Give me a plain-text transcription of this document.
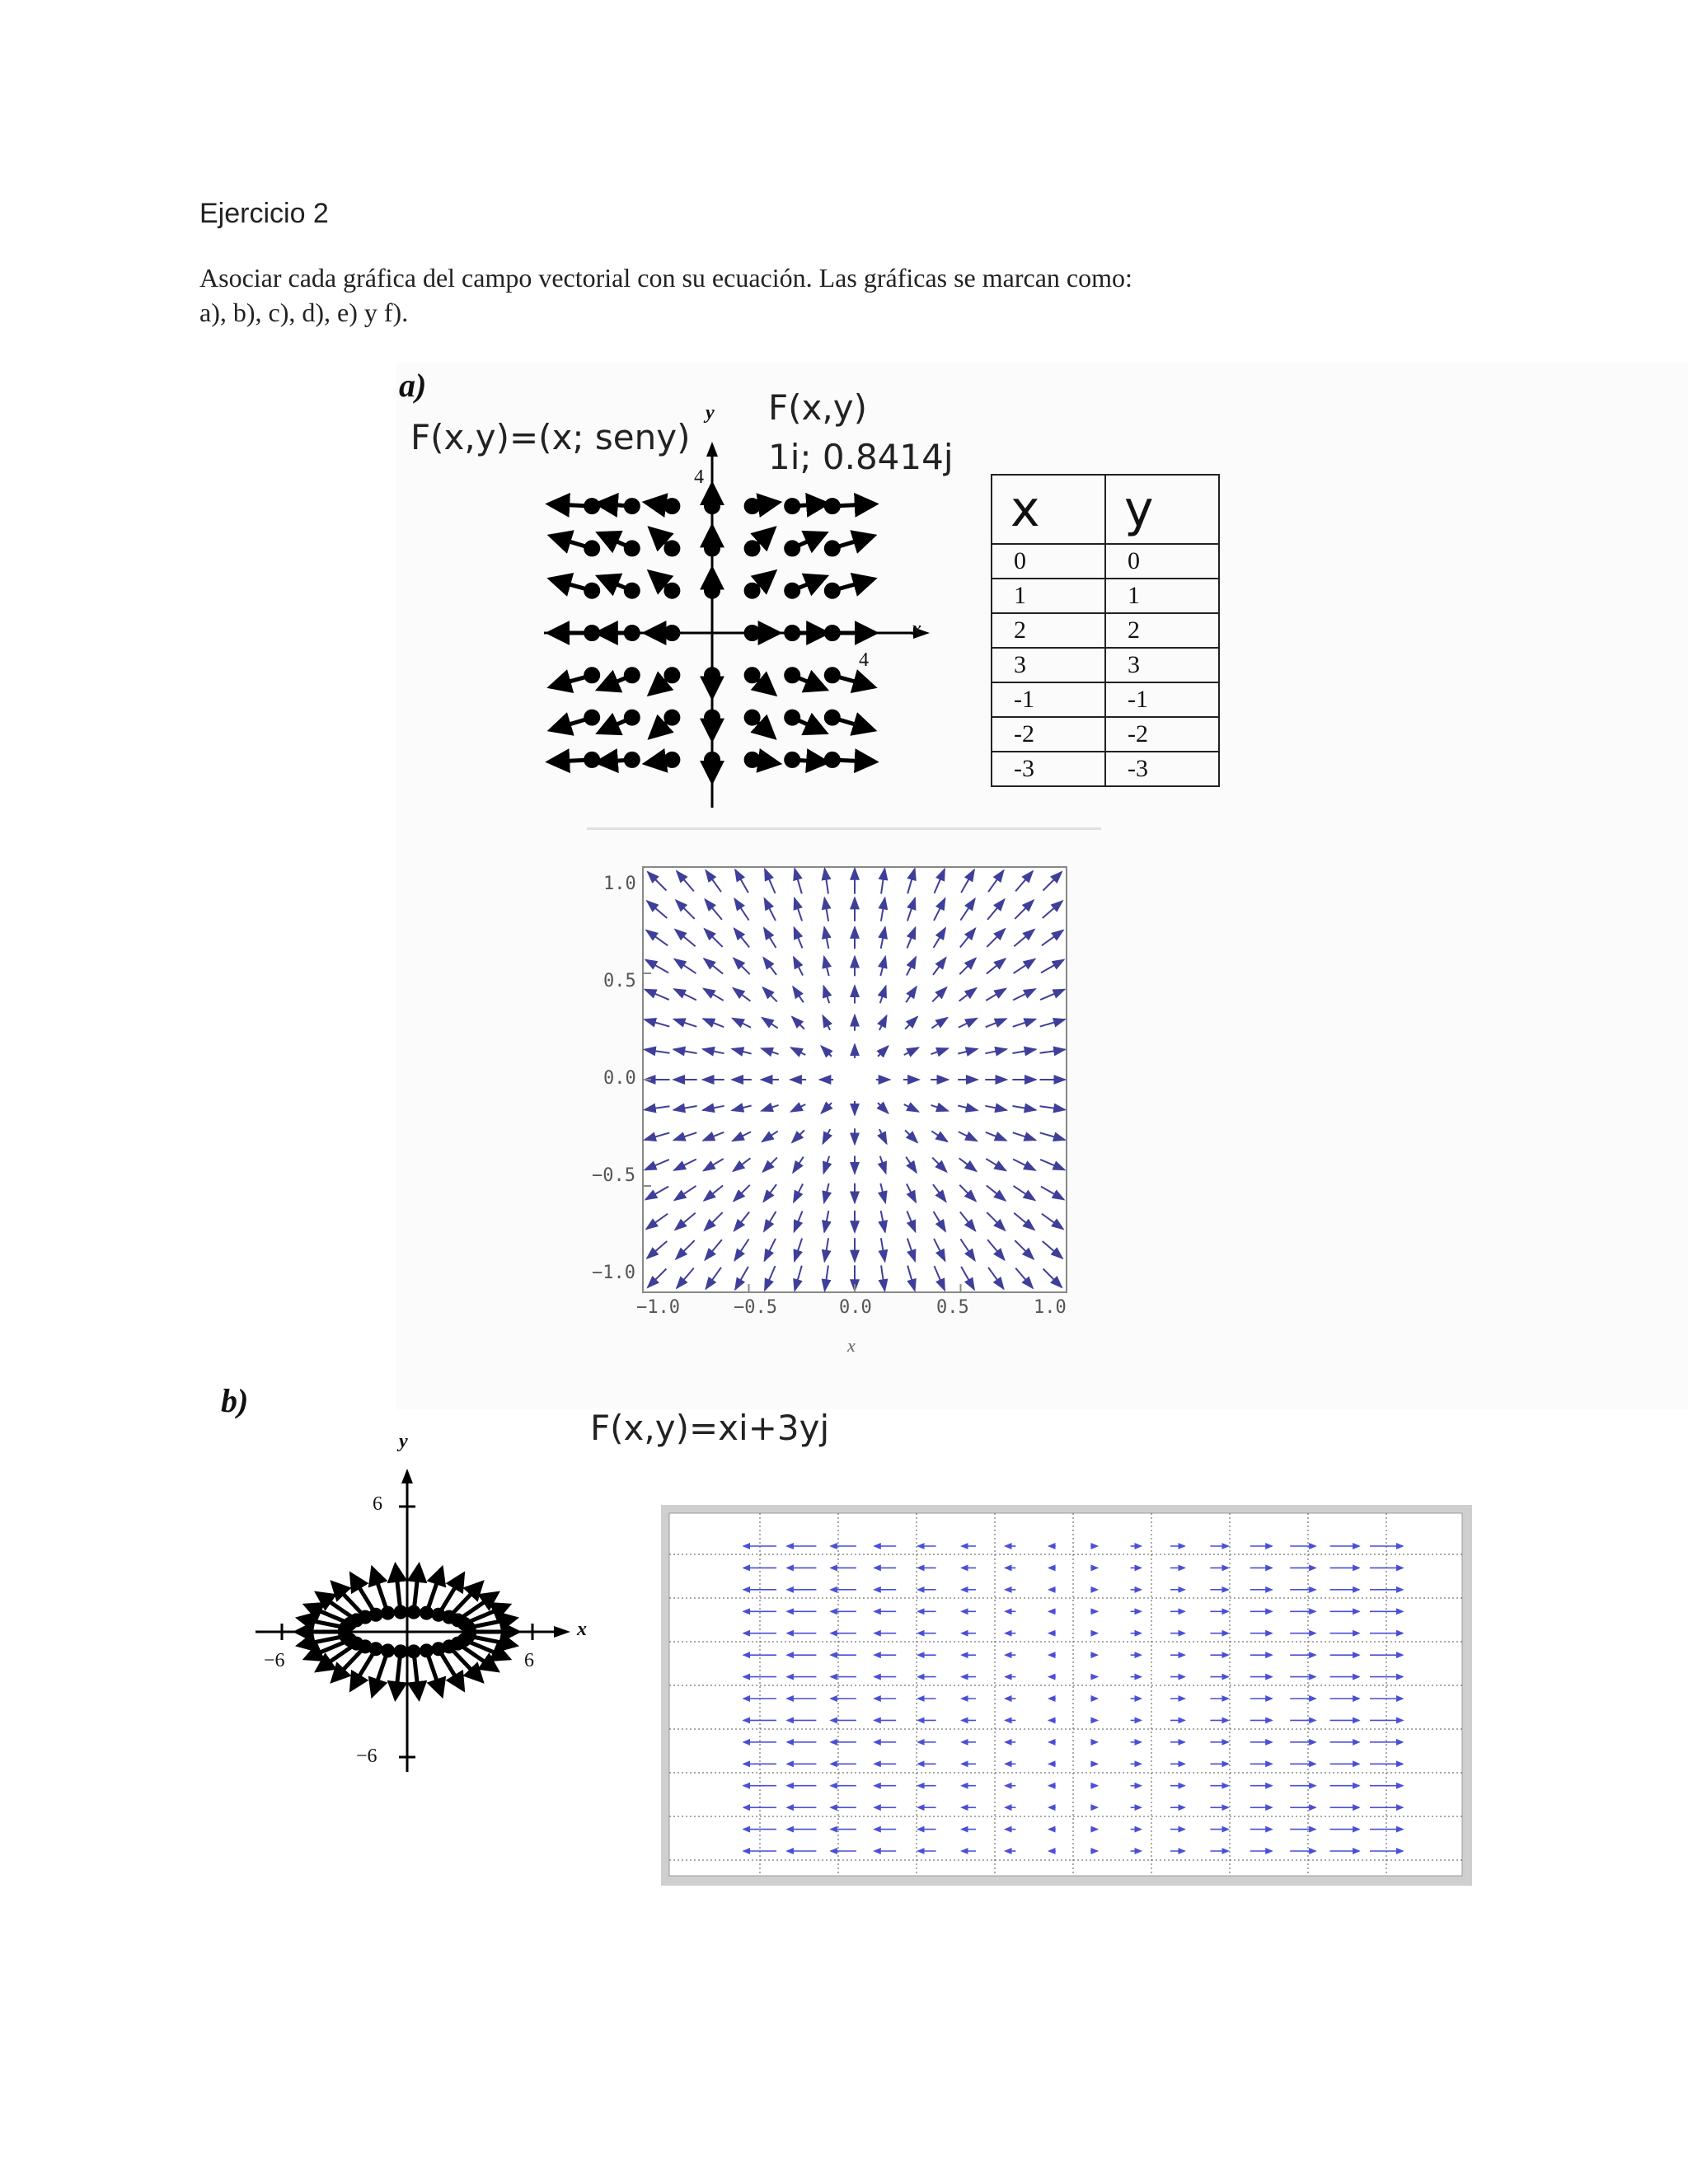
Ejercicio 2
Asociar cada gráfica del campo vectorial con su ecuación. Las gráficas se marcan como:
a), b), c), d), e) y f).
a)
F(x,y)=(x; seny)
F(x,y)
1i; 0.8414j
y
x
4
4
x	y
0	0
1	1
2	2
3	3
-1	-1
-2	-2
-3	-3
1.0
0.5
0.0
−0.5
−1.0
−1.0	−0.5	0.0	0.5	1.0
x
b)
F(x,y)=xi+3yj
y
x
6
−6
−6	6
